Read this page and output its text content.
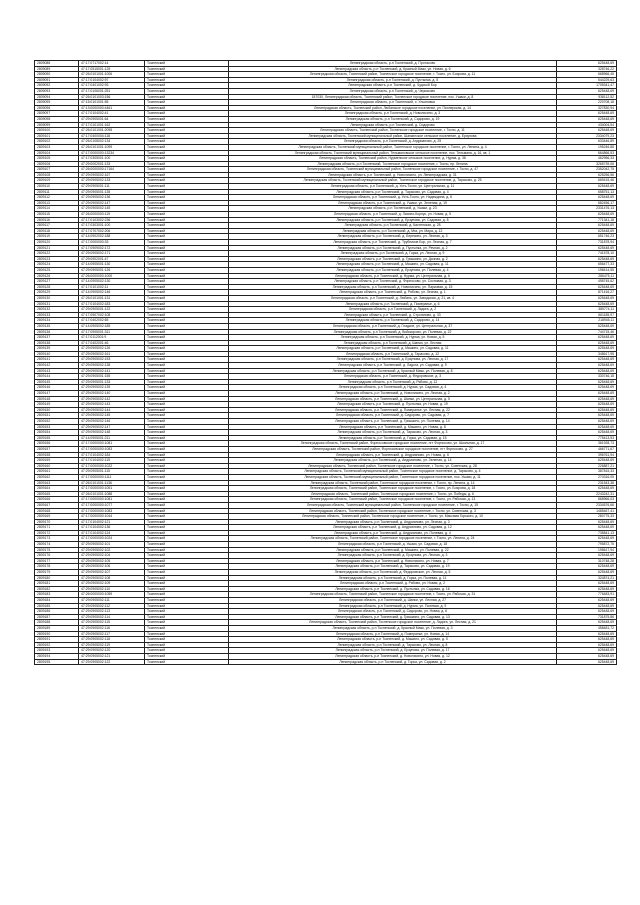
2809088	47:17:0717002:14	Тосненский	Ленинградская область, р-н Тосненский, д. Протасово	625448,69
2809089	47:17:0515001:125	Тосненский	Ленинградская область, р-н Тосненский, д. Красный Маяк, ул. Новая, д. 6	328746,22
2809090	47:26:0101001:1006	Тосненский	Ленинградская область, Тосненский район, Тосненское городское поселение, г. Тосно, ул. Боярова, д. 11	668966,45
2809091	47:17:0104002:97	Тосненский	Ленинградская область, р-н Тосненский, д. Пустынка, д. 5	544229,63
2809092	47:17:0401002:93	Тосненский	Ленинградская область, р-н Тосненский, д. Чудской Бор	1705341,47
2809093	47:17:0106001:251	Тосненский	Ленинградская область, р-н Тосненский, д. Черкасово	625448,69
2809094	47:26:0101003:156	Тосненский	187030, Ленинградская область, Тосненский район, Тосненское городское поселение, пос. Ушаки, д. 8	938112,52
2809095	47:15:0101001:55	Тосненский	Ленинградская область, р-н Тосненский, с. Ульяновка	220708,18
2809096	47:13:0000000:4461	Тосненский	Ленинградская область, Тосненский район, Любанское городское поселение, ул. Пионерская, д. 14	327830,94
2809097	47:17:0104002:41	Тосненский	Ленинградская область, р-н Тосненский, д. Новолисино, д. 3	625448,69
2809098	47:29:0905001:64	Тосненский	Ленинградская область, р-н Тосненский, д. Сидорово, д. 19	625448,69
2809099	47:17:0101001:162	Тосненский	Ленинградская область, р-н Тосненский, д. Сидорово	434004,54
2809100	47:26:0101001:2095	Тосненский	Ленинградская область, Тосненский район, Тосненское городское поселение, г. Тосно, д. 11	625448,69
2809101	47:17:0400004:118	Тосненский	Ленинградская область, Тосненский муниципальный район, Шапкинское сельское поселение, д. Ерзунова	2334079,23
2809102	47:26:0108002:134	Тосненский	Ленинградская область, р-н Тосненский, д. Андрианово, д. 25	633446,89
2809103	47:26:0101001:1099	Тосненский	Ленинградская область, Тосненский муниципальный район, Тосненское городское поселение, г. Тосно, ул. Ленина, д. 4	195246,88
2809104	47:17:0000000:13234	Тосненский	Ленинградская область, Тосненский муниципальный район, Тельмановское сельское поселение, пос. Тельмана, д. 16, кв. 1	664866,53
2809105	47:17:0305001:100	Тосненский	Ленинградская область, Тосненский район, Нурменское сельское поселение, д. Нурма, д. 38	462956,33
2809106	47:29:0002001:133	Тосненский	Ленинградская область, р-н Тосненский, Тосненское городское поселение, г. Тосно, пр. Ленина	3265739,06
2809107	47:26:0000000:17164	Тосненский	Ленинградская область, Тосненский муниципальный район, Тосненское городское поселение, г. Тосно, д. 47	2352042,75
2809108	47:29:0905002:167	Тосненский	Ленинградская область, р-н Тосненский, д. Новолисино, ул. Ленинградская, д. 31	625256,56
2809109	47:29:0905002:133	Тосненский	Ленинградская область, Тосненский муниципальный район, Тосненское городское поселение, д. Тарасово, д. 25	669415,46
2809110	47:29:0905001:111	Тосненский	Ленинградская область, р-н Тосненский, д. Усть-Тосно, ул. Центральная, д. 11	625448,69
2809111	47:29:0905001:135	Тосненский	Ленинградская область, р-н Тосненский, д. Тарасово, ул. Садовая, д. 4	658751,13
2809112	47:29:0905002:136	Тосненский	Ленинградская область, р-н Тосненский, д. Усть-Тосно, ул. Надеждина, д. 6	625448,69
2809113	47:29:0905002:147	Тосненский	Ленинградская область, р-н Тосненский, д. Ушаки, ул. Зеленая, д. 19	682456,17
2809114	47:29:0905002:145	Тосненский	Ленинградская область, р-н Тосненский, д. Ушаки, д. 23	2331476,13
2809115	47:26:0000000:119	Тосненский	Ленинградская область, р-н Тосненский, д. Лисино-Корпус, ул. Новая, д. 5	625448,69
2809116	47:17:0103002:236	Тосненский	Ленинградская область, р-н Тосненский, д. Ерзунова, ул. Садовая, д. 8	771341,18
2809117	47:17:0303001:100	Тосненский	Ленинградская область, р-н Тосненский, д. Кастенская, д. 28	625448,69
2809118	47:17:0707002:206	Тосненский	Ленинградская область, р-н Тосненский, д. Мга, ул. Мира, д. 12	625448,69
2809119	47:14:0902002:188	Тосненский	Ленинградская область, р-н Тосненский, д. Березино, ул. Лесная, д. 3	651746,23
2809120	47:17:0000000:33	Тосненский	Ленинградская область, р-н Тосненский, д. Трубников Бор, ул. Лесная, д. 7	731878,94
2809121	47:17:0909002:172	Тосненский	Ленинградская область, р-н Тосненский, д. Пустынка, ул. Речная, д. 2	625448,69
2809122	47:29:0905002:171	Тосненский	Ленинградская область, р-н Тосненский, д. Горка, ул. Лесная, д. 9	741578,10
2809123	47:29:0902001:47	Тосненский	Ленинградская область, р-н Тосненский, д. Гришкино, ул. Дачная, д. 2	625448,69
2809124	47:14:0905001:130	Тосненский	Ленинградская область, р-н Тосненский, д. Машино, ул. Садовая, д. 11	656477,33
2809125	47:29:0905001:126	Тосненский	Ленинградская область, р-н Тосненский, д. Ерзунова, ул. Полевая, д. 4	198414,55
2809126	47:26:0000000:1000	Тосненский	Ленинградская область, р-н Тосненский, д. Нурма, ул. Центральная, д. 6	286475,11
2809127	47:14:0905002:130	Тосненский	Ленинградская область, р-н Тосненский, д. Форносово, ул. Сосновая, д. 3	498745,62
2809128	47:17:0101002:11	Тосненский	Ленинградская область, р-н Тосненский, д. Новолисино, ул. Парковая, д. 15	625448,69
2809129	47:14:0905002:146	Тосненский	Ленинградская область, р-н Тосненский, д. Рябово, ул. Лесная, д. 1	871416,27
2809130	47:26:0101001:131	Тосненский	Ленинградская область, р-н Тосненский, д. Любань, ул. Заводская, д. 21, кв. 4	625448,69
2809131	47:17:0104002:183	Тосненский	Ленинградская область, р-н Тосненский, д. Померанье, д. 6	625448,69
2809132	47:29:0905001:122	Тосненский	Ленинградская область, р-н Тосненский, д. Ладога, д. 2	385774,11
2809133	47:17:0907002:108	Тосненский	Ленинградская область, р-н Тосненский, д. Строганово, д. 33	661185,97
2809134	47:17:0402002:65	Тосненский	Ленинградская область, р-н Тосненский, д. Сидорово, д. 14	218945,11
2809135	47:14:0905002:185	Тосненский	Ленинградская область, р-н Тосненский, д. Гладкое, ул. Центральная, д. 37	625448,69
2809136	47:17:0905001:311	Тосненский	Ленинградская область, р-н Тосненский, д. Войскорово, ул. Полевая, д. 22	744715,46
2809137	47:17:0112001:9	Тосненский	Ленинградская область, р-н Тосненский, д. Нурма, ул. Новая, д. 5	625448,69
2809138	47:17:0402001:46	Тосненский	Ленинградская область, р-н Тосненский, д. Шапки, ул. Лесная	625448,69
2809139	47:29:0905002:126	Тосненский	Ленинградская область, р-н Тосненский, д. Машино, ул. Садовая, д. 11	625448,69
2809140	47:29:0905002:161	Тосненский	Ленинградская область, р-н Тосненский, д. Тарасово, д. 12	348617,95
2809141	47:29:0905002:153	Тосненский	Ленинградская область, р-н Тосненский, д. Ерзунова, ул. Лесная, д. 17	625448,69
2809142	47:29:0905002:138	Тосненский	Ленинградская область, р-н Тосненский, д. Ладога, ул. Садовая, д. 9	625448,69
2809143	47:29:0905002:141	Тосненский	Ленинградская область, р-н Тосненский, д. Красный Маяк, ул. Полевая, д. 8	625448,69
2809144	47:29:0905001:155	Тосненский	Ленинградская область, р-н Тосненский, д. Федоровское, д. 3	330746,18
2809145	47:29:0905001:133	Тосненский	Ленинградская область, р-н Тосненский, д. Рябово, д. 12	625448,69
2809146	47:29:0905002:139	Тосненский	Ленинградская область, р-н Тосненский, д. Нурма, ул. Садовая, д. 4	625448,69
2809147	47:29:0905002:140	Тосненский	Ленинградская область, р-н Тосненский, д. Новолисино, ул. Лесная, д. 2	625448,69
2809148	47:29:0905002:142	Тосненский	Ленинградская область, р-н Тосненский, д. Шапки, ул. Центральная, д. 5	625448,69
2809149	47:29:0905002:143	Тосненский	Ленинградская область, р-н Тосненский, д. Пустынка, ул. Новая, д. 19	625448,69
2809150	47:29:0905002:144	Тосненский	Ленинградская область, р-н Тосненский, д. Померанье, ул. Лесная, д. 22	625448,69
2809151	47:29:0905002:145	Тосненский	Ленинградская область, р-н Тосненский, д. Сидорово, ул. Садовая, д. 7	625448,69
2809152	47:29:0905002:146	Тосненский	Ленинградская область, р-н Тосненский, д. Гришкино, ул. Полевая, д. 14	625448,69
2809153	47:29:0905002:147	Тосненский	Ленинградская область, р-н Тосненский, д. Машино, ул. Новая, д. 8	625448,69
2809154	47:29:0905002:148	Тосненский	Ленинградская область, р-н Тосненский, д. Тарасово, ул. Лесная, д. 3	625448,69
2809155	47:14:0905001:211	Тосненский	Ленинградская область, р-н Тосненский, д. Горка, ул. Садовая, д. 15	775413,53
2809156	47:17:0000000:1081	Тосненский	Ленинградская область, Тосненский район, Форносовское городское поселение, пгт Форносово, ул. Школьная, д. 17	361928,73
2809157	47:17:0000000:1083	Тосненский	Ленинградская область, Тосненский район, Форносовское городское поселение, пгт Форносово, д. 27	466771,67
2809158	47:17:0104002:184	Тосненский	Ленинградская область, р-н Тосненский, д. Андрианово, ул. Новая, д. 6	396761,94
2809159	47:17:0104002:115	Тосненский	Ленинградская область, р-н Тосненский, д. Андрианово, ул. Зеленая, д. 14	625448,69
2809160	47:17:0000000:1022	Тосненский	Ленинградская область, Тосненский район, Тосненское городское поселение, г. Тосно, ул. Советская, д. 28	226887,21
2809161	47:29:0905001:115	Тосненский	Ленинградская область, Тосненский муниципальный район, Тосненское городское поселение, д. Тарасово, д. 4	387815,33
2809162	47:17:0000000:1111	Тосненский	Ленинградская область, Тосненский муниципальный район, Тосненское городское поселение, пос. Ушаки, д. 11	270316,05
2809163	47:26:0101001:1136	Тосненский	Ленинградская область, Тосненский район, Тосненское городское поселение, г. Тосно, пр. Ленина, д. 14	231543,38
2809164	47:17:0000000:1051	Тосненский	Ленинградская область, Тосненский район, Тосненское городское поселение, г. Тосно, ул. Боярова, д. 18	625448,69
2809165	47:26:0101001:1088	Тосненский	Ленинградская область, Тосненский район, Тосненское городское поселение, г. Тосно, ул. Победы, д. 6	2243242,31
2809166	47:17:0000000:1081	Тосненский	Ленинградская область, Тосненский район, Тосненское городское поселение, г. Тосно, ул. Рабочая, д. 13	868966,03
2809167	47:17:0000000:1077	Тосненский	Ленинградская область, Тосненский муниципальный район, Тосненское городское поселение, г. Тосно, д. 15	2334576,66
2809168	47:17:0000000:1083	Тосненский	Ленинградская область, Тосненский район, Тосненское городское поселение, г. Тосно, ул. Советская, д. 3	1485467,41
2809169	47:17:0000000:1044	Тосненский	Ленинградская область, Тосненский район, Тосненское городское поселение, г. Тосно, ул. Максима Горького, д. 10	280775,33
2809170	47:17:0104002:121	Тосненский	Ленинградская область, р-н Тосненский, д. Андрианово, ул. Лесная, д. 3	625448,69
2809171	47:17:0104002:136	Тосненский	Ленинградская область, р-н Тосненский, д. Андрианово, ул. Садовая, д. 12	625448,69
2809172	47:17:0104002:124	Тосненский	Ленинградская область, р-н Тосненский, д. Андрианово, ул. Полевая, д. 4	735841,13
2809173	47:17:0000000:1024	Тосненский	Ленинградская область, Тосненский район, Тосненское городское поселение, г. Тосно, ул. Ленина, д. 24	625448,69
2809174	47:29:0905002:101	Тосненский	Ленинградская область, р-н Тосненский, д. Ушаки, ул. Садовая, д. 18	795872,75
2809175	47:29:0905002:102	Тосненский	Ленинградская область, р-н Тосненский, д. Машино, ул. Полевая, д. 22	198617,94
2809176	47:29:0905002:104	Тосненский	Ленинградская область, р-н Тосненский, д. Ерзунова, ул. Лесная, д. 3	625448,69
2809177	47:29:0905002:105	Тосненский	Ленинградская область, р-н Тосненский, д. Новолисино, ул. Новая, д. 7	310748,28
2809178	47:29:0905002:106	Тосненский	Ленинградская область, р-н Тосненский, д. Тарасово, ул. Садовая, д. 19	625448,69
2809179	47:29:0905002:107	Тосненский	Ленинградская область, р-н Тосненский, д. Федоровское, ул. Лесная, д. 5	625448,69
2809180	47:29:0905002:108	Тосненский	Ленинградская область, р-н Тосненский, д. Горка, ул. Полевая, д. 11	324874,21
2809181	47:29:0905002:109	Тосненский	Ленинградская область, р-н Тосненский, д. Рябово, ул. Новая, д. 2	625448,69
2809182	47:29:0905002:110	Тосненский	Ленинградская область, р-н Тосненский, д. Пустынка, ул. Садовая, д. 16	625448,69
2809183	47:26:0000000:1059	Тосненский	Ленинградская область, Тосненский район, Тосненское городское поселение, г. Тосно, ул. Рабочая, д. 31	776483,91
2809184	47:29:0905002:111	Тосненский	Ленинградская область, р-н Тосненский, д. Шапки, ул. Лесная, д. 27	625448,69
2809185	47:29:0905002:112	Тосненский	Ленинградская область, р-н Тосненский, д. Нурма, ул. Полевая, д. 9	625448,69
2809186	47:29:0905002:113	Тосненский	Ленинградская область, р-н Тосненский, д. Сидорово, ул. Новая, д. 6	625448,69
2809187	47:29:0905002:114	Тосненский	Ленинградская область, р-н Тосненский, д. Гришкино, ул. Садовая, д. 13	731875,86
2809188	47:29:0905002:115	Тосненский	Ленинградская область, Тосненский район, Тосненское городское поселение, д. Ладога, ул. Лесная, д. 21	625448,69
2809189	47:29:0905002:116	Тосненский	Ленинградская область, р-н Тосненский, д. Красный Маяк, ул. Полевая, д. 3	458481,72
2809190	47:29:0905002:117	Тосненский	Ленинградская область, р-н Тосненский, д. Померанье, ул. Новая, д. 14	625448,69
2809191	47:29:0905002:118	Тосненский	Ленинградская область, р-н Тосненский, д. Машино, ул. Садовая, д. 5	625448,69
2809192	47:29:0905002:119	Тосненский	Ленинградская область, р-н Тосненский, д. Тарасово, ул. Лесная, д. 8	625448,69
2809193	47:29:0905002:120	Тосненский	Ленинградская область, р-н Тосненский, д. Ерзунова, ул. Полевая, д. 17	625448,69
2809194	47:29:0905002:121	Тосненский	Ленинградская область, р-н Тосненский, д. Новолисино, ул. Новая, д. 12	625448,69
2809195	47:29:0905002:122	Тосненский	Ленинградская область, р-н Тосненский, д. Горка, ул. Садовая, д. 2	625448,69
